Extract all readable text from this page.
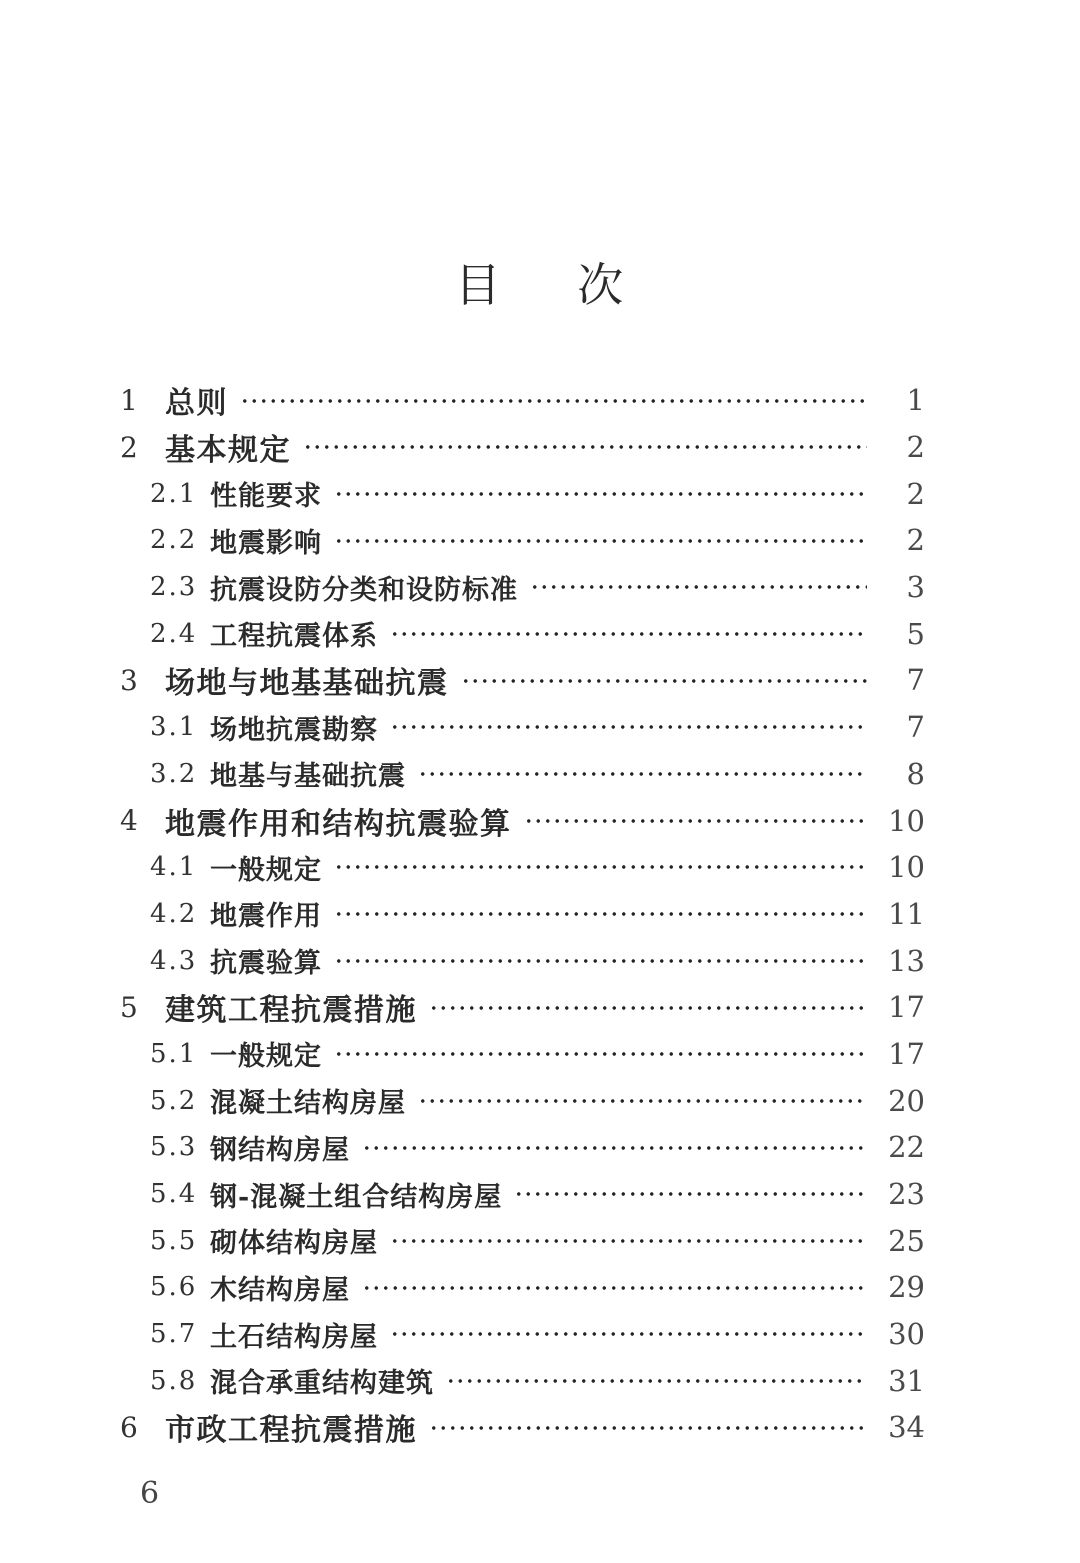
目 次
1 总则	1
2 基本规定	2
2.1 性能要求	2
2.2 地震影响	2
2.3 抗震设防分类和设防标准	3
2.4 工程抗震体系	5
3 场地与地基基础抗震	7
3.1 场地抗震勘察	7
3.2 地基与基础抗震	8
4 地震作用和结构抗震验算	10
4.1 一般规定	10
4.2 地震作用	11
4.3 抗震验算	13
5 建筑工程抗震措施	17
5.1 一般规定	17
5.2 混凝土结构房屋	20
5.3 钢结构房屋	22
5.4 钢-混凝土组合结构房屋	23
5.5 砌体结构房屋	25
5.6 木结构房屋	29
5.7 土石结构房屋	30
5.8 混合承重结构建筑	31
6 市政工程抗震措施	34
6
